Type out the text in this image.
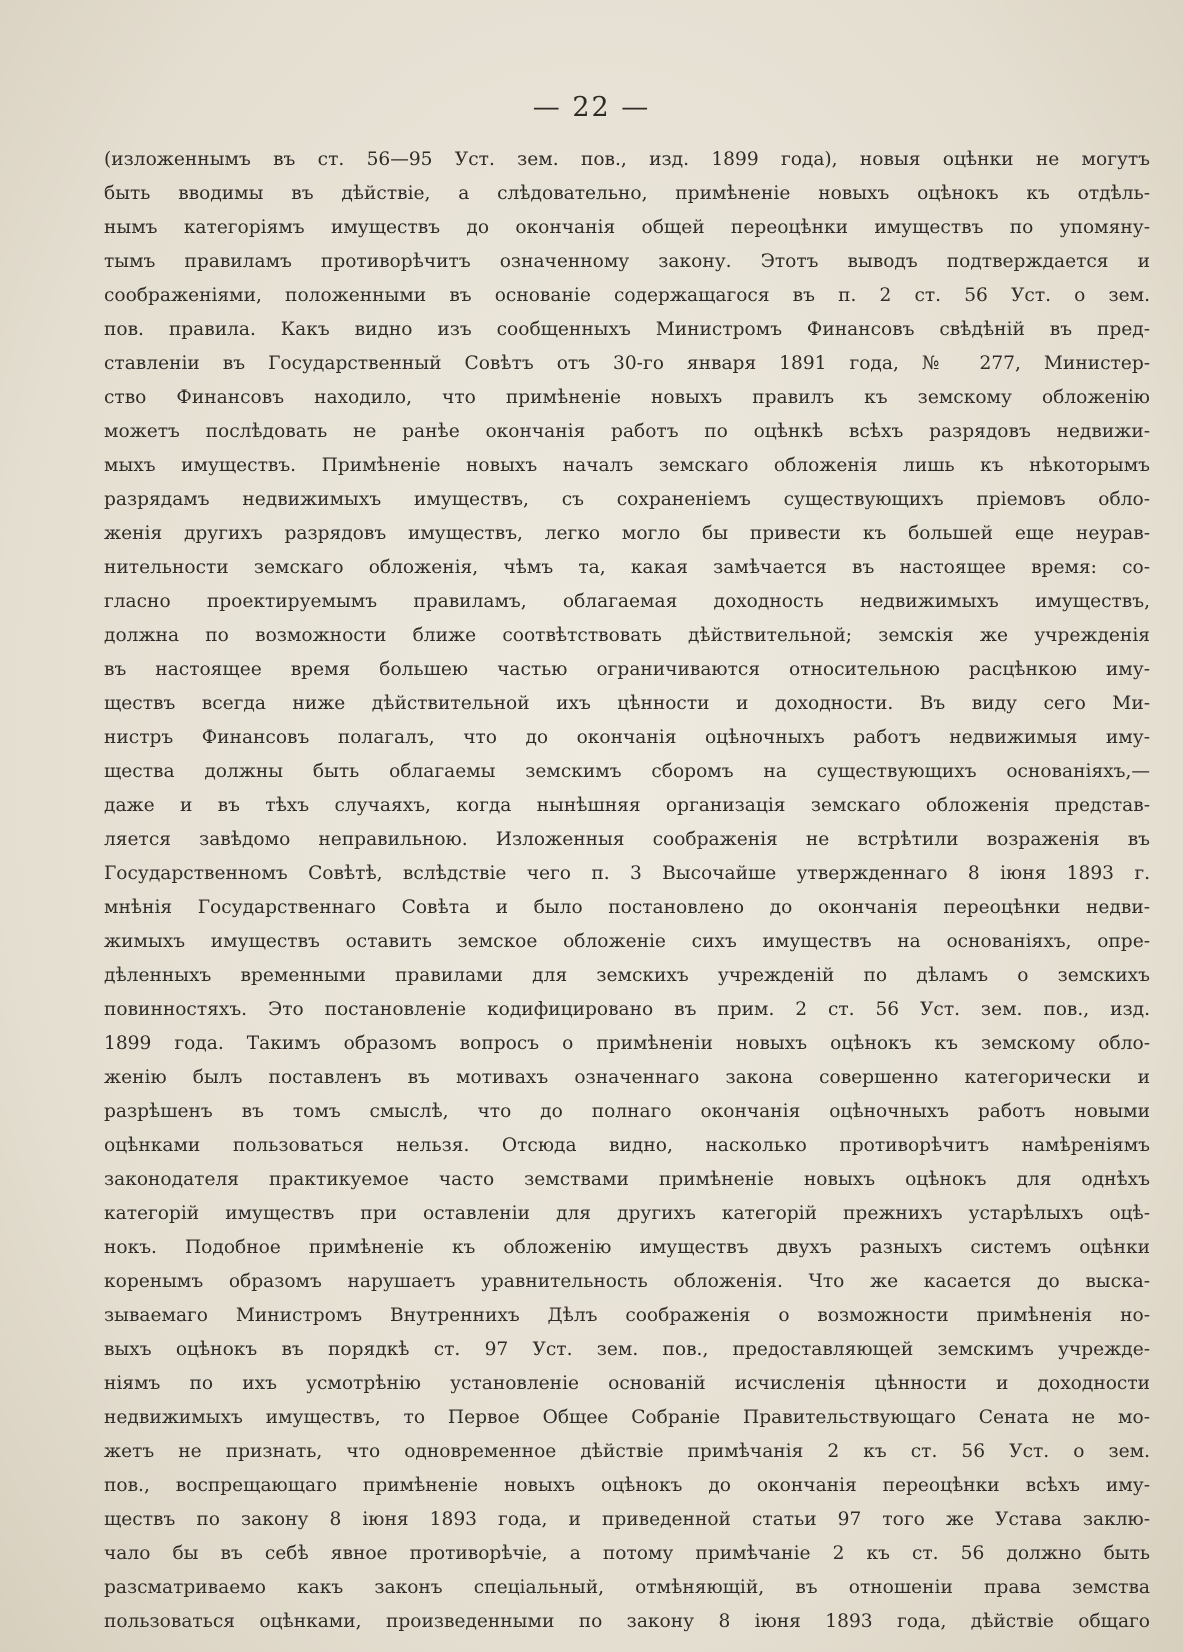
— 22 —
(изложеннымъ въ ст. 56—95 Уст. зем. пов., изд. 1899 года), новыя оцѣнки не могутъ
быть вводимы въ дѣйствіе, а слѣдовательно, примѣненіе новыхъ оцѣнокъ къ отдѣль-
нымъ категоріямъ имуществъ до окончанія общей переоцѣнки имуществъ по упомяну-
тымъ правиламъ противорѣчитъ означенному закону. Этотъ выводъ подтверждается и
соображеніями, положенными въ основаніе содержащагося въ п. 2 ст. 56 Уст. о зем.
пов. правила. Какъ видно изъ сообщенныхъ Министромъ Финансовъ свѣдѣній въ пред-
ставленіи въ Государственный Совѣтъ отъ 30-го января 1891 года, № 277, Министер-
ство Финансовъ находило, что примѣненіе новыхъ правилъ къ земскому обложенію
можетъ послѣдовать не ранѣе окончанія работъ по оцѣнкѣ всѣхъ разрядовъ недвижи-
мыхъ имуществъ. Примѣненіе новыхъ началъ земскаго обложенія лишь къ нѣкоторымъ
разрядамъ недвижимыхъ имуществъ, съ сохраненіемъ существующихъ пріемовъ обло-
женія другихъ разрядовъ имуществъ, легко могло бы привести къ большей еще неурав-
нительности земскаго обложенія, чѣмъ та, какая замѣчается въ настоящее время: со-
гласно проектируемымъ правиламъ, облагаемая доходность недвижимыхъ имуществъ,
должна по возможности ближе соотвѣтствовать дѣйствительной; земскія же учрежденія
въ настоящее время большею частью ограничиваются относительною расцѣнкою иму-
ществъ всегда ниже дѣйствительной ихъ цѣнности и доходности. Въ виду сего Ми-
нистръ Финансовъ полагалъ, что до окончанія оцѣночныхъ работъ недвижимыя иму-
щества должны быть облагаемы земскимъ сборомъ на существующихъ основаніяхъ,—
даже и въ тѣхъ случаяхъ, когда нынѣшняя организація земскаго обложенія представ-
ляется завѣдомо неправильною. Изложенныя соображенія не встрѣтили возраженія въ
Государственномъ Совѣтѣ, вслѣдствіе чего п. 3 Высочайше утвержденнаго 8 іюня 1893 г.
мнѣнія Государственнаго Совѣта и было постановлено до окончанія переоцѣнки недви-
жимыхъ имуществъ оставить земское обложеніе сихъ имуществъ на основаніяхъ, опре-
дѣленныхъ временными правилами для земскихъ учрежденій по дѣламъ о земскихъ
повинностяхъ. Это постановленіе кодифицировано въ прим. 2 ст. 56 Уст. зем. пов., изд.
1899 года. Такимъ образомъ вопросъ о примѣненіи новыхъ оцѣнокъ къ земскому обло-
женію былъ поставленъ въ мотивахъ означеннаго закона совершенно категорически и
разрѣшенъ въ томъ смыслѣ, что до полнаго окончанія оцѣночныхъ работъ новыми
оцѣнками пользоваться нельзя. Отсюда видно, насколько противорѣчитъ намѣреніямъ
законодателя практикуемое часто земствами примѣненіе новыхъ оцѣнокъ для однѣхъ
категорій имуществъ при оставленіи для другихъ категорій прежнихъ устарѣлыхъ оцѣ-
нокъ. Подобное примѣненіе къ обложенію имуществъ двухъ разныхъ системъ оцѣнки
коренымъ образомъ нарушаетъ уравнительность обложенія. Что же касается до выска-
зываемаго Министромъ Внутреннихъ Дѣлъ соображенія о возможности примѣненія но-
выхъ оцѣнокъ въ порядкѣ ст. 97 Уст. зем. пов., предоставляющей земскимъ учрежде-
ніямъ по ихъ усмотрѣнію установленіе основаній исчисленія цѣнности и доходности
недвижимыхъ имуществъ, то Первое Общее Собраніе Правительствующаго Сената не мо-
жетъ не признать, что одновременное дѣйствіе примѣчанія 2 къ ст. 56 Уст. о зем.
пов., воспрещающаго примѣненіе новыхъ оцѣнокъ до окончанія переоцѣнки всѣхъ иму-
ществъ по закону 8 іюня 1893 года, и приведенной статьи 97 того же Устава заклю-
чало бы въ себѣ явное противорѣчіе, а потому примѣчаніе 2 къ ст. 56 должно быть
разсматриваемо какъ законъ спеціальный, отмѣняющій, въ отношеніи права земства
пользоваться оцѣнками, произведенными по закону 8 іюня 1893 года, дѣйствіе общаго
